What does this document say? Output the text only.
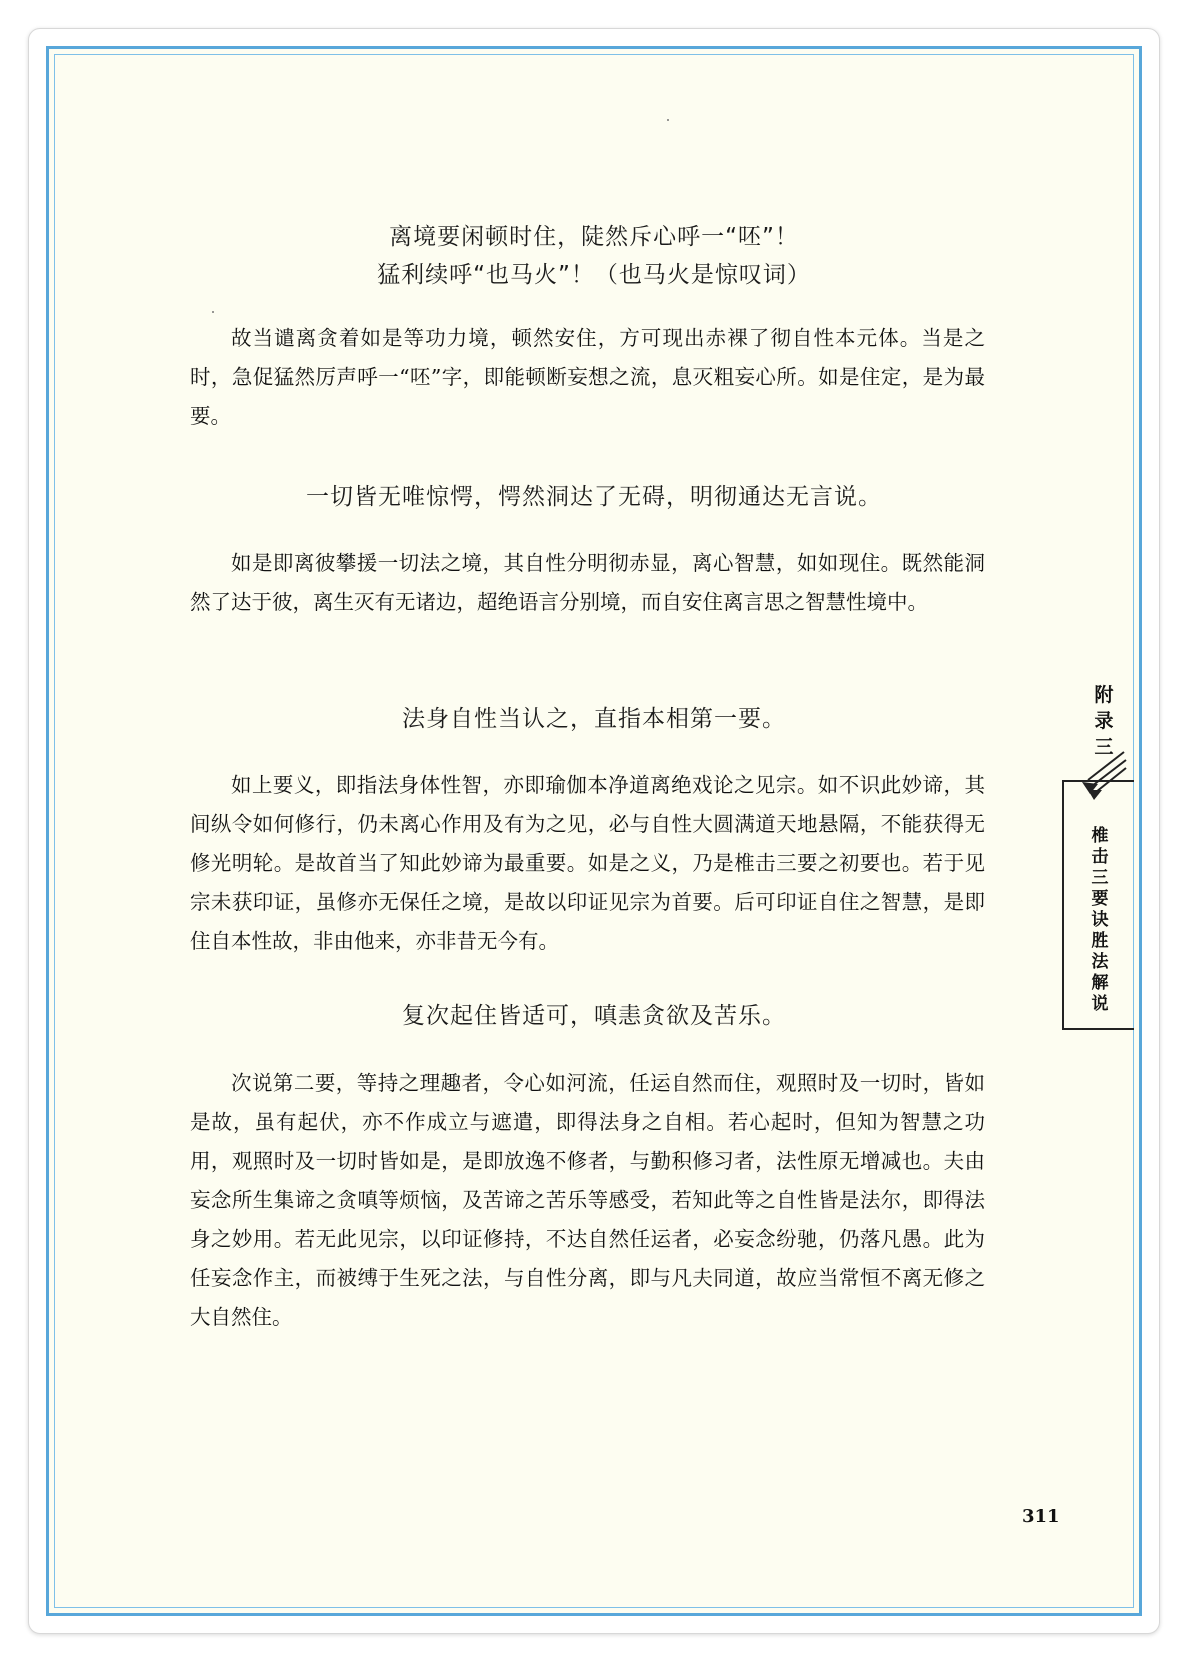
离境要闲顿时住，陡然斥心呼一“呸”！

猛利续呼“也马火”！（也马火是惊叹词）

故当谴离贪着如是等功力境，顿然安住，方可现出赤裸了彻自性本元体。当是之时，急促猛然厉声呼一“呸”字，即能顿断妄想之流，息灭粗妄心所。如是住定，是为最要。

一切皆无唯惊愕，愕然洞达了无碍，明彻通达无言说。

如是即离彼攀援一切法之境，其自性分明彻赤显，离心智慧，如如现住。既然能洞然了达于彼，离生灭有无诸边，超绝语言分别境，而自安住离言思之智慧性境中。

法身自性当认之，直指本相第一要。

如上要义，即指法身体性智，亦即瑜伽本净道离绝戏论之见宗。如不识此妙谛，其间纵令如何修行，仍未离心作用及有为之见，必与自性大圆满道天地悬隔，不能获得无修光明轮。是故首当了知此妙谛为最重要。如是之义，乃是椎击三要之初要也。若于见宗未获印证，虽修亦无保任之境，是故以印证见宗为首要。后可印证自住之智慧，是即住自本性故，非由他来，亦非昔无今有。

复次起住皆适可，嗔恚贪欲及苦乐。

次说第二要，等持之理趣者，令心如河流，任运自然而住，观照时及一切时，皆如是故，虽有起伏，亦不作成立与遮遣，即得法身之自相。若心起时，但知为智慧之功用，观照时及一切时皆如是，是即放逸不修者，与勤积修习者，法性原无增减也。夫由妄念所生集谛之贪嗔等烦恼，及苦谛之苦乐等感受，若知此等之自性皆是法尔，即得法身之妙用。若无此见宗，以印证修持，不达自然任运者，必妄念纷驰，仍落凡愚。此为任妄念作主，而被缚于生死之法，与自性分离，即与凡夫同道，故应当常恒不离无修之大自然住。

附录三
椎击三要诀胜法解说
311
